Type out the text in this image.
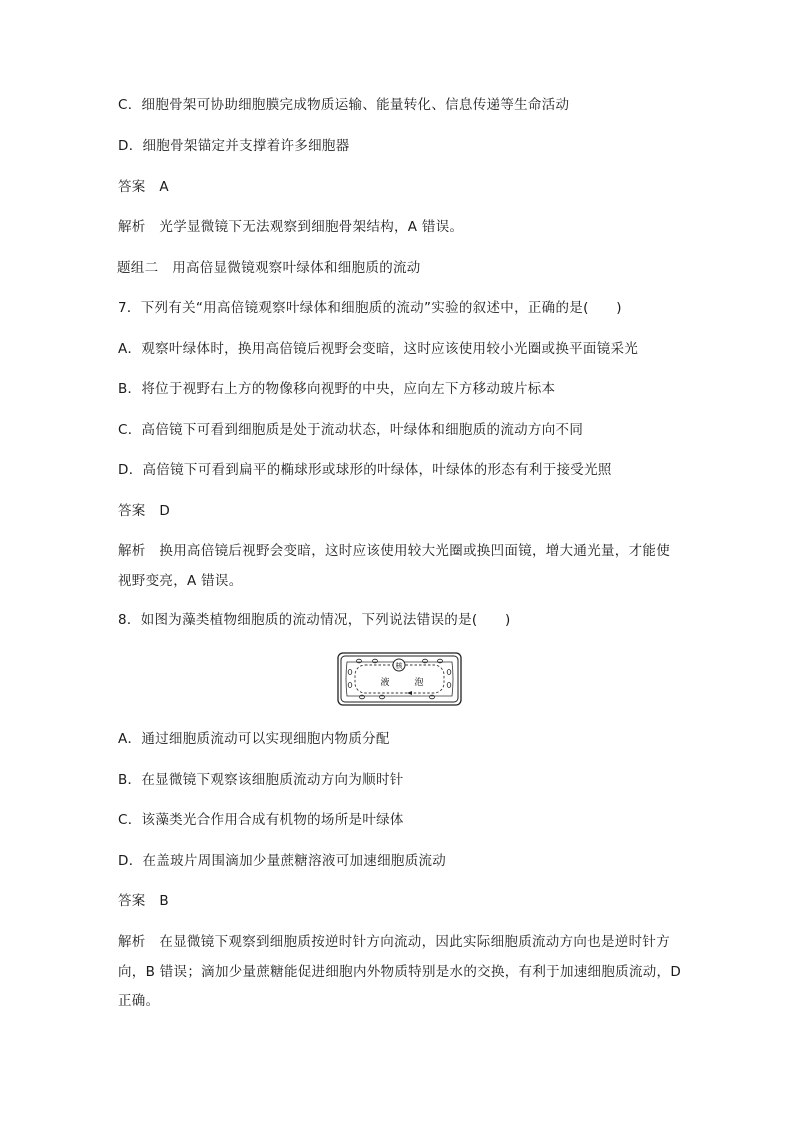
C．细胞骨架可协助细胞膜完成物质运输、能量转化、信息传递等生命活动
D．细胞骨架锚定并支撑着许多细胞器
答案　A
解析　光学显微镜下无法观察到细胞骨架结构，A 错误。
题组二　用高倍显微镜观察叶绿体和细胞质的流动
7．下列有关“用高倍镜观察叶绿体和细胞质的流动”实验的叙述中，正确的是(　　)
A．观察叶绿体时，换用高倍镜后视野会变暗，这时应该使用较小光圈或换平面镜采光
B．将位于视野右上方的物像移向视野的中央，应向左下方移动玻片标本
C．高倍镜下可看到细胞质是处于流动状态，叶绿体和细胞质的流动方向不同
D．高倍镜下可看到扁平的椭球形或球形的叶绿体，叶绿体的形态有利于接受光照
答案　D
解析　换用高倍镜后视野会变暗，这时应该使用较大光圈或换凹面镜，增大通光量，才能使
视野变亮，A 错误。
8．如图为藻类植物细胞质的流动情况，下列说法错误的是(　　)
核
液	泡
A．通过细胞质流动可以实现细胞内物质分配
B．在显微镜下观察该细胞质流动方向为顺时针
C．该藻类光合作用合成有机物的场所是叶绿体
D．在盖玻片周围滴加少量蔗糖溶液可加速细胞质流动
答案　B
解析　在显微镜下观察到细胞质按逆时针方向流动，因此实际细胞质流动方向也是逆时针方
向，B 错误；滴加少量蔗糖能促进细胞内外物质特别是水的交换，有利于加速细胞质流动，D
正确。
